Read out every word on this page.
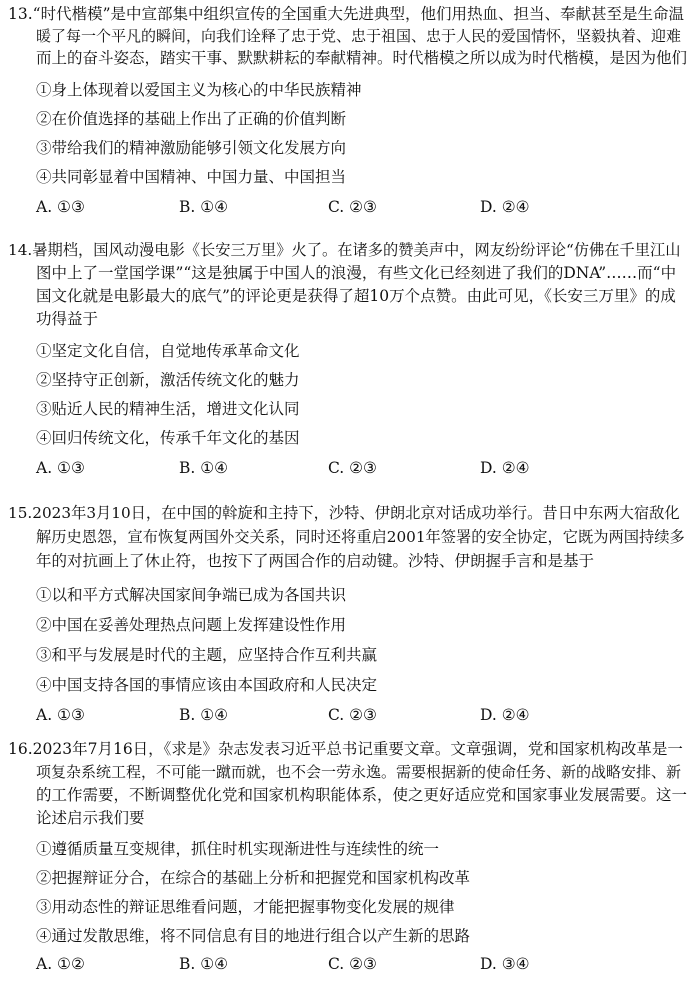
13.“时代楷模”是中宣部集中组织宣传的全国重大先进典型，他们用热血、担当、奉献甚至是生命温
暖了每一个平凡的瞬间，向我们诠释了忠于党、忠于祖国、忠于人民的爱国情怀，坚毅执着、迎难
而上的奋斗姿态，踏实干事、默默耕耘的奉献精神。时代楷模之所以成为时代楷模，是因为他们
①身上体现着以爱国主义为核心的中华民族精神
②在价值选择的基础上作出了正确的价值判断
③带给我们的精神激励能够引领文化发展方向
④共同彰显着中国精神、中国力量、中国担当
A. ①③	B. ①④	C. ②③	D. ②④
14.暑期档，国风动漫电影《长安三万里》火了。在诸多的赞美声中，网友纷纷评论“仿佛在千里江山
图中上了一堂国学课”“这是独属于中国人的浪漫，有些文化已经刻进了我们的DNA”……而“中
国文化就是电影最大的底气”的评论更是获得了超10万个点赞。由此可见，《长安三万里》的成
功得益于
①坚定文化自信，自觉地传承革命文化
②坚持守正创新，激活传统文化的魅力
③贴近人民的精神生活，增进文化认同
④回归传统文化，传承千年文化的基因
A. ①③	B. ①④	C. ②③	D. ②④
15.2023年3月10日，在中国的斡旋和主持下，沙特、伊朗北京对话成功举行。昔日中东两大宿敌化
解历史恩怨，宣布恢复两国外交关系，同时还将重启2001年签署的安全协定，它既为两国持续多
年的对抗画上了休止符，也按下了两国合作的启动键。沙特、伊朗握手言和是基于
①以和平方式解决国家间争端已成为各国共识
②中国在妥善处理热点问题上发挥建设性作用
③和平与发展是时代的主题，应坚持合作互利共赢
④中国支持各国的事情应该由本国政府和人民决定
A. ①③	B. ①④	C. ②③	D. ②④
16.2023年7月16日，《求是》杂志发表习近平总书记重要文章。文章强调，党和国家机构改革是一
项复杂系统工程，不可能一蹴而就，也不会一劳永逸。需要根据新的使命任务、新的战略安排、新
的工作需要，不断调整优化党和国家机构职能体系，使之更好适应党和国家事业发展需要。这一
论述启示我们要
①遵循质量互变规律，抓住时机实现渐进性与连续性的统一
②把握辩证分合，在综合的基础上分析和把握党和国家机构改革
③用动态性的辩证思维看问题，才能把握事物变化发展的规律
④通过发散思维，将不同信息有目的地进行组合以产生新的思路
A. ①②	B. ①④	C. ②③	D. ③④
